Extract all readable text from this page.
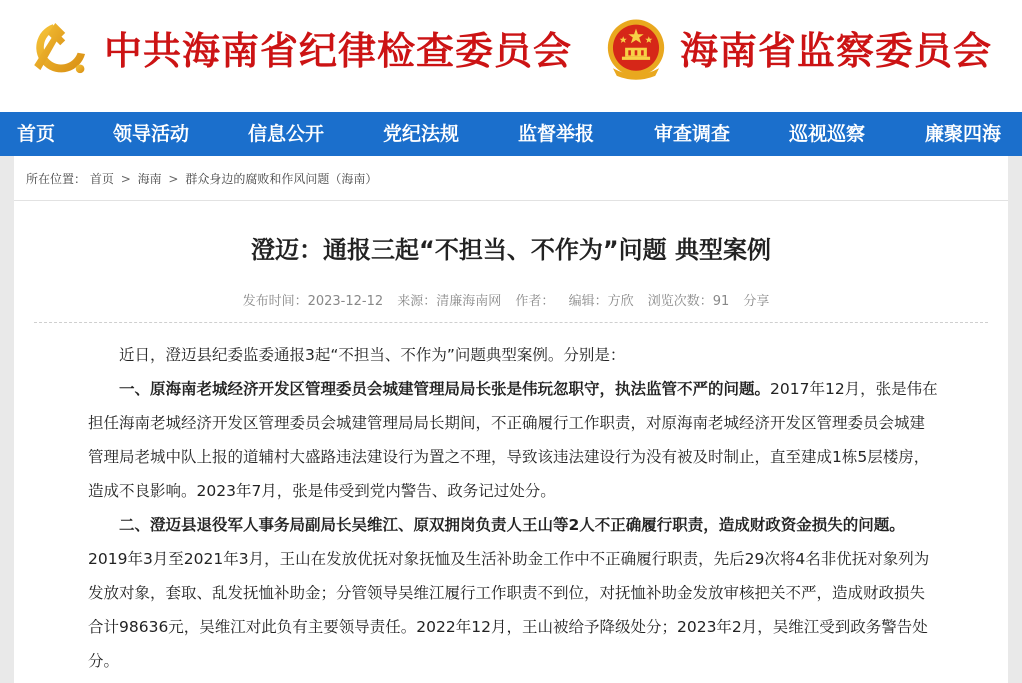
中共海南省纪律检查委员会	海南省监察委员会
首页	领导活动	信息公开	党纪法规	监督举报	审查调查	巡视巡察	廉聚四海
所在位置： 首页 > 海南 > 群众身边的腐败和作风问题（海南）
澄迈：通报三起“不担当、不作为”问题 典型案例
发布时间：2023-12-12 来源：清廉海南网 作者： 编辑：方欣 浏览次数：91 分享

近日，澄迈县纪委监委通报3起“不担当、不作为”问题典型案例。分别是：

一、原海南老城经济开发区管理委员会城建管理局局长张是伟玩忽职守，执法监管不严的问题。2017年12月，张是伟在担任海南老城经济开发区管理委员会城建管理局局长期间，不正确履行工作职责，对原海南老城经济开发区管理委员会城建管理局老城中队上报的道辅村大盛路违法建设行为置之不理，导致该违法建设行为没有被及时制止，直至建成1栋5层楼房，造成不良影响。2023年7月，张是伟受到党内警告、政务记过处分。

二、澄迈县退役军人事务局副局长吴维江、原双拥岗负责人王山等2人不正确履行职责，造成财政资金损失的问题。2019年3月至2021年3月，王山在发放优抚对象抚恤及生活补助金工作中不正确履行职责，先后29次将4名非优抚对象列为发放对象，套取、乱发抚恤补助金；分管领导吴维江履行工作职责不到位，对抚恤补助金发放审核把关不严，造成财政损失合计98636元，吴维江对此负有主要领导责任。2022年12月，王山被给予降级处分；2023年2月，吴维江受到政务警告处分。
